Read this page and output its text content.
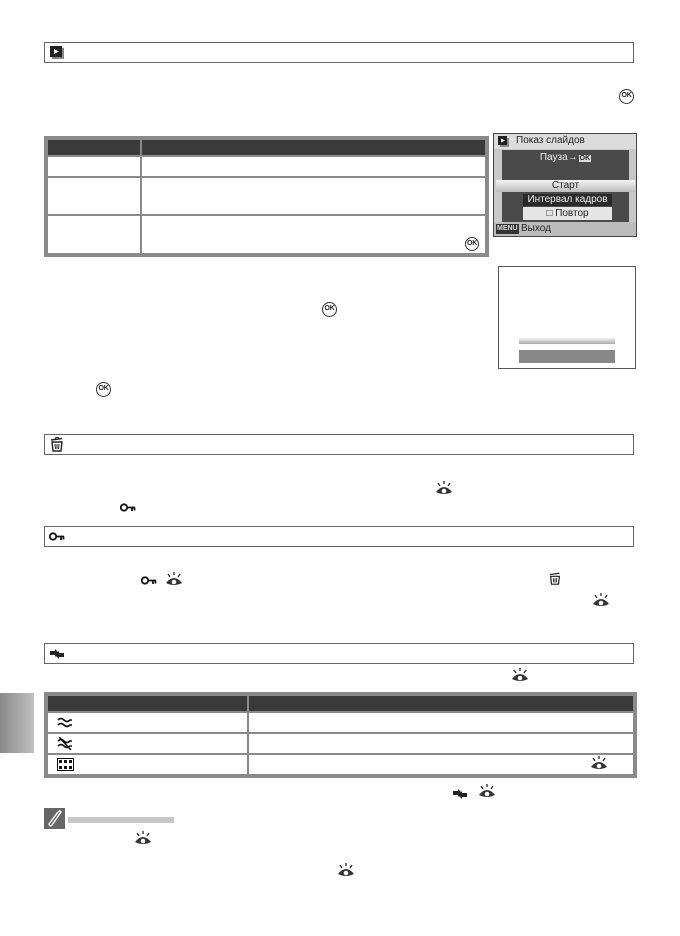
OK
OK
Показ слайдов
Пауза→ OK
Старт
Интервал кадров
□ Повтор
MENU Выход
OK
OK
